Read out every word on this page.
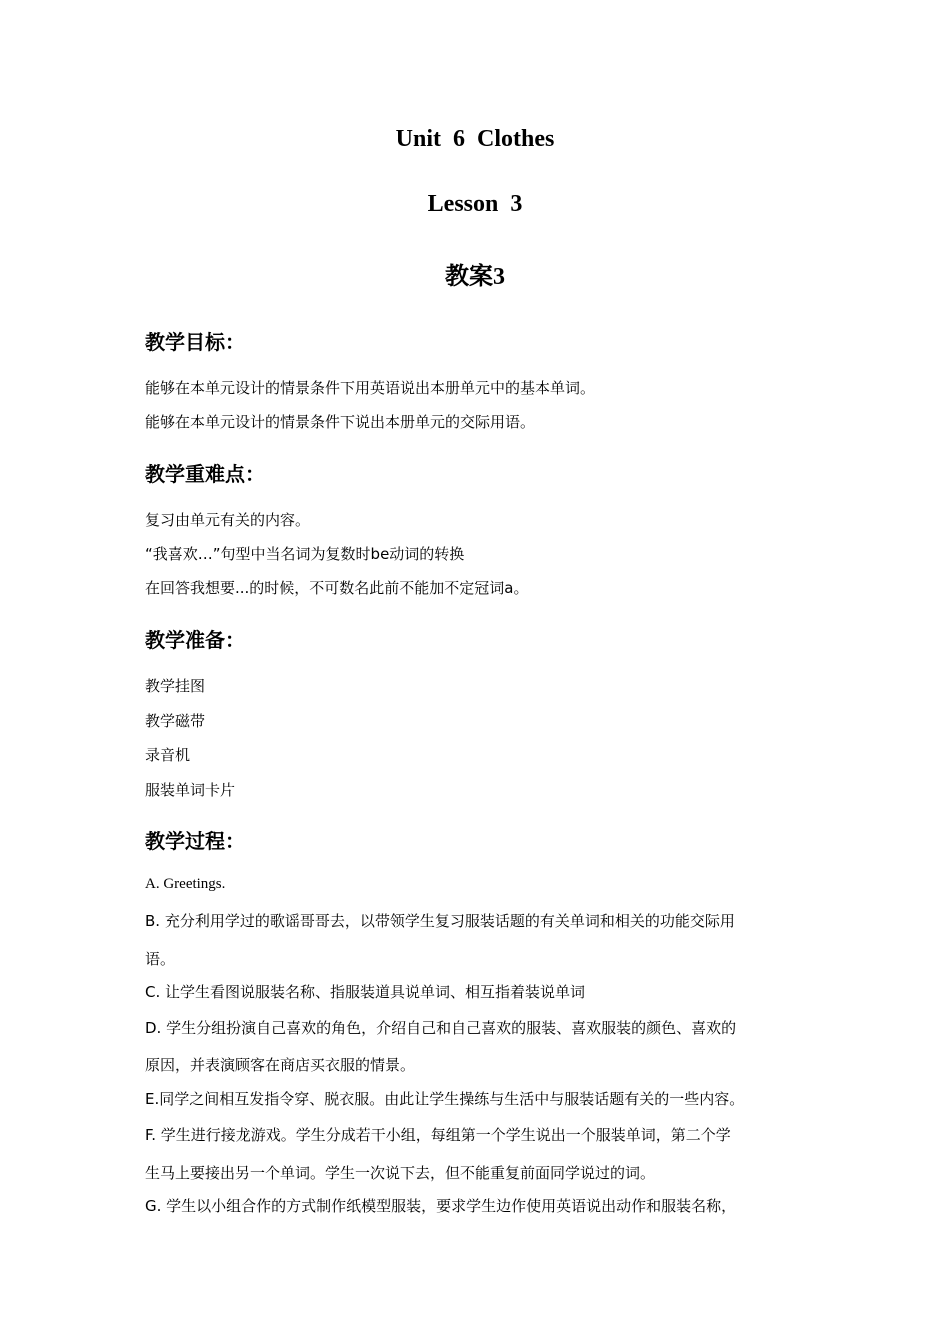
Unit  6  Clothes
Lesson  3
教案3
教学目标：
能够在本单元设计的情景条件下用英语说出本册单元中的基本单词。
能够在本单元设计的情景条件下说出本册单元的交际用语。
教学重难点：
复习由单元有关的内容。
“我喜欢…”句型中当名词为复数时be动词的转换
在回答我想要...的时候，不可数名此前不能加不定冠词a。
教学准备：
教学挂图
教学磁带
录音机
服装单词卡片
教学过程：
A. Greetings.
B. 充分利用学过的歌谣哥哥去，以带领学生复习服装话题的有关单词和相关的功能交际用
语。
C. 让学生看图说服装名称、指服装道具说单词、相互指着装说单词
D. 学生分组扮演自己喜欢的角色，介绍自己和自己喜欢的服装、喜欢服装的颜色、喜欢的
原因，并表演顾客在商店买衣服的情景。
E.同学之间相互发指令穿、脱衣服。由此让学生操练与生活中与服装话题有关的一些内容。
F. 学生进行接龙游戏。学生分成若干小组，每组第一个学生说出一个服装单词，第二个学
生马上要接出另一个单词。学生一次说下去，但不能重复前面同学说过的词。
G. 学生以小组合作的方式制作纸模型服装，要求学生边作使用英语说出动作和服装名称，
